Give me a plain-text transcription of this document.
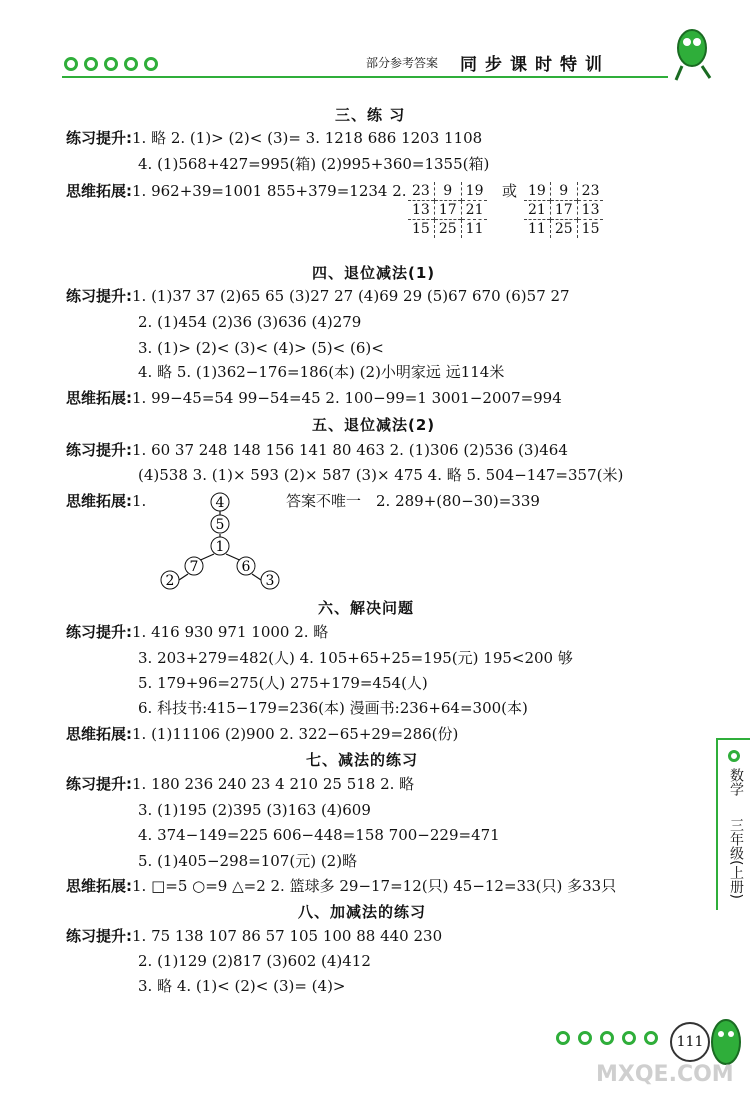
部分参考答案 同步课时特训
三、练 习
练习提升:1. 略 2. (1)> (2)< (3)= 3. 1218 686 1203 1108
4. (1)568+427=995(箱) (2)995+360=1355(箱)
思维拓展:1. 962+39=1001 855+379=1234 2. 23	9	19
13	17	21
15	25	11
或 19	9	23
21	17	13
11	25	15
四、退位减法(1)
练习提升:1. (1)37 37 (2)65 65 (3)27 27 (4)69 29 (5)67 670 (6)57 27
2. (1)454 (2)36 (3)636 (4)279
3. (1)> (2)< (3)< (4)> (5)< (6)<
4. 略 5. (1)362−176=186(本) (2)小明家远 远114米
思维拓展:1. 99−45=54 99−54=45 2. 100−99=1 3001−2007=994
五、退位减法(2)
练习提升:1. 60 37 248 148 156 141 80 463 2. (1)306 (2)536 (3)464
(4)538 3. (1)× 593 (2)× 587 (3)× 475 4. 略 5. 504−147=357(米)
思维拓展:1.	答案不唯一 2. 289+(80−30)=339
4
5
1
7
2
6
3
六、解决问题
练习提升:1. 416 930 971 1000 2. 略
3. 203+279=482(人) 4. 105+65+25=195(元) 195<200 够
5. 179+96=275(人) 275+179=454(人)
6. 科技书:415−179=236(本) 漫画书:236+64=300(本)
思维拓展:1. (1)11106 (2)900 2. 322−65+29=286(份)
七、减法的练习
练习提升:1. 180 236 240 23 4 210 25 518 2. 略
3. (1)195 (2)395 (3)163 (4)609
4. 374−149=225 606−448=158 700−229=471
5. (1)405−298=107(元) (2)略
思维拓展:1. □=5 ○=9 △=2 2. 篮球多 29−17=12(只) 45−12=33(只) 多33只
八、加减法的练习
练习提升:1. 75 138 107 86 57 105 100 88 440 230
2. (1)129 (2)817 (3)602 (4)412
3. 略 4. (1)< (2)< (3)= (4)>
数学
三年级(上册)
111
MXQE.COM
